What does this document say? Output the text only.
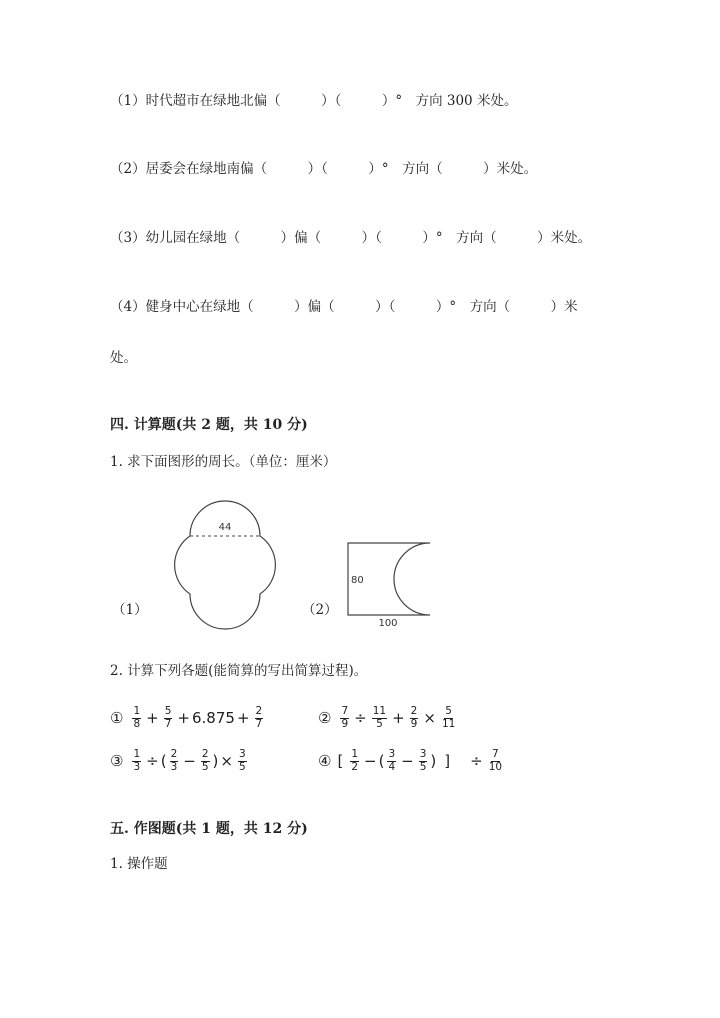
（1）时代超市在绿地北偏（　　　）（　　　）°　方向 300 米处。
（2）居委会在绿地南偏（　　　）（　　　）°　方向（　　　）米处。
（3）幼儿园在绿地（　　　）偏（　　　）（　　　）°　方向（　　　）米处。
（4）健身中心在绿地（　　　）偏（　　　）（　　　）°　方向（　　　）米
处。
四. 计算题(共 2 题，共 10 分)
1. 求下面图形的周长。（单位：厘米）
（1）
44
（2）
80
100
2. 计算下列各题(能简算的写出简算过程)。
① $\frac{1}{8} + \frac{5}{7} + 6.875 + \frac{2}{7}$	② $\frac{7}{9} \div \frac{11}{5} + \frac{2}{9} \times \frac{5}{11}$
③ $\frac{1}{3}$ ÷ ( $\frac{2}{3} - \frac{2}{5}$ ) × $\frac{3}{5}$	④ [ $\frac{1}{2}$ − ( $\frac{3}{4} - \frac{3}{5}$ ) ] ÷ $\frac{7}{10}$
五. 作图题(共 1 题，共 12 分)
1. 操作题
